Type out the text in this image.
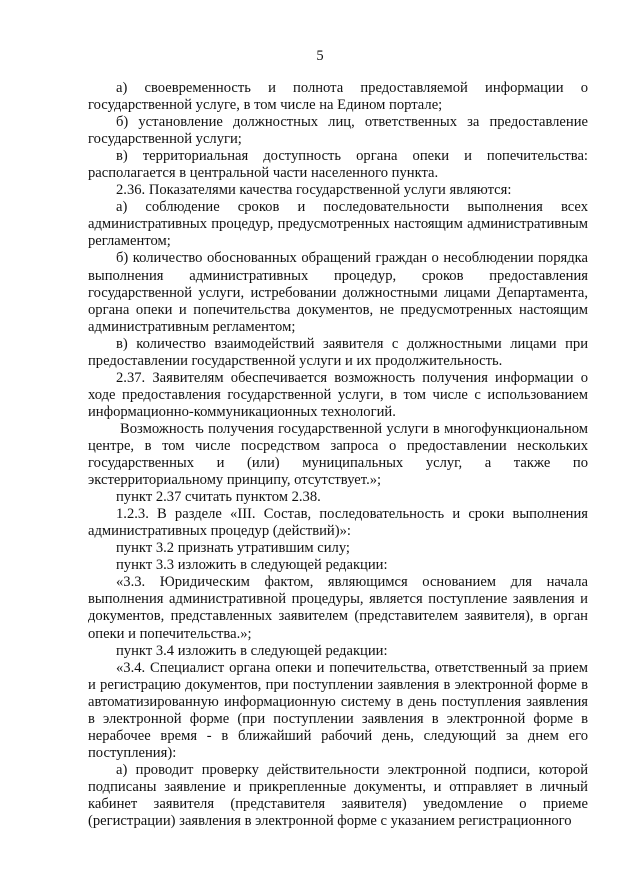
5

а) своевременность и полнота предоставляемой информации о государственной услуге, в том числе на Едином портале;

б) установление должностных лиц, ответственных за предоставление государственной услуги;

в) территориальная доступность органа опеки и попечительства: располагается в центральной части населенного пункта.

2.36. Показателями качества государственной услуги являются:

а) соблюдение сроков и последовательности выполнения всех административных процедур, предусмотренных настоящим административным регламентом;

б) количество обоснованных обращений граждан о несоблюдении порядка выполнения административных процедур, сроков предоставления государственной услуги, истребовании должностными лицами Департамента, органа опеки и попечительства документов, не предусмотренных настоящим административным регламентом;

в) количество взаимодействий заявителя с должностными лицами при предоставлении государственной услуги и их продолжительность.

2.37. Заявителям обеспечивается возможность получения информации о ходе предоставления государственной услуги, в том числе с использованием информационно-коммуникационных технологий.

Возможность получения государственной услуги в многофункциональном центре, в том числе посредством запроса о предоставлении нескольких государственных и (или) муниципальных услуг, а также по экстерриториальному принципу, отсутствует.»;

пункт 2.37 считать пунктом 2.38.

1.2.3. В разделе «III. Состав, последовательность и сроки выполнения административных процедур (действий)»:

пункт 3.2 признать утратившим силу;

пункт 3.3 изложить в следующей редакции:

«3.3. Юридическим фактом, являющимся основанием для начала выполнения административной процедуры, является поступление заявления и документов, представленных заявителем (представителем заявителя), в орган опеки и попечительства.»;

пункт 3.4 изложить в следующей редакции:

«3.4. Специалист органа опеки и попечительства, ответственный за прием и регистрацию документов, при поступлении заявления в электронной форме в автоматизированную информационную систему в день поступления заявления в электронной форме (при поступлении заявления в электронной форме в нерабочее время - в ближайший рабочий день, следующий за днем его поступления):

а) проводит проверку действительности электронной подписи, которой подписаны заявление и прикрепленные документы, и отправляет в личный кабинет заявителя (представителя заявителя) уведомление о приеме (регистрации) заявления в электронной форме с указанием регистрационного
